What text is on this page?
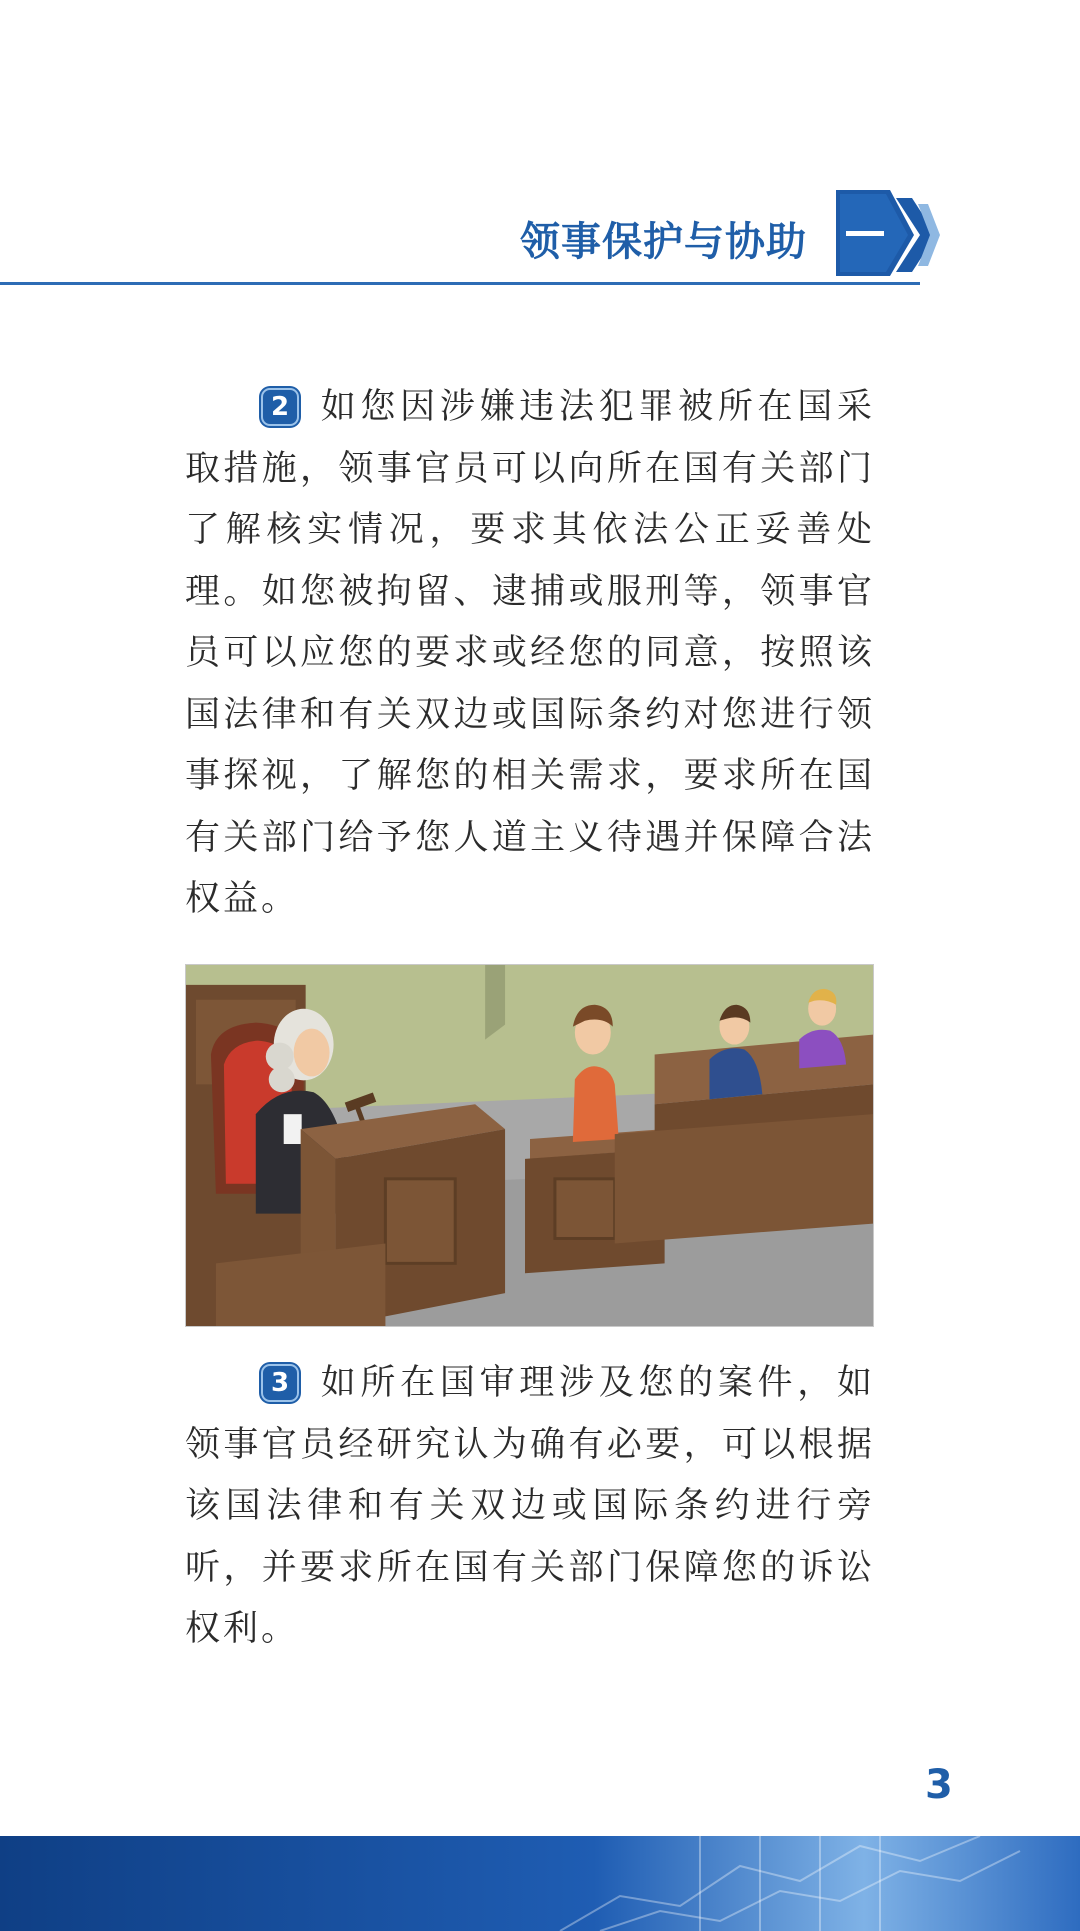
领事保护与协助
2 如您因涉嫌违法犯罪被所在国采取措施，领事官员可以向所在国有关部门了解核实情况，要求其依法公正妥善处理。如您被拘留、逮捕或服刑等，领事官员可以应您的要求或经您的同意，按照该国法律和有关双边或国际条约对您进行领事探视，了解您的相关需求，要求所在国有关部门给予您人道主义待遇并保障合法权益。
3 如所在国审理涉及您的案件，如领事官员经研究认为确有必要，可以根据该国法律和有关双边或国际条约进行旁听，并要求所在国有关部门保障您的诉讼权利。
3
